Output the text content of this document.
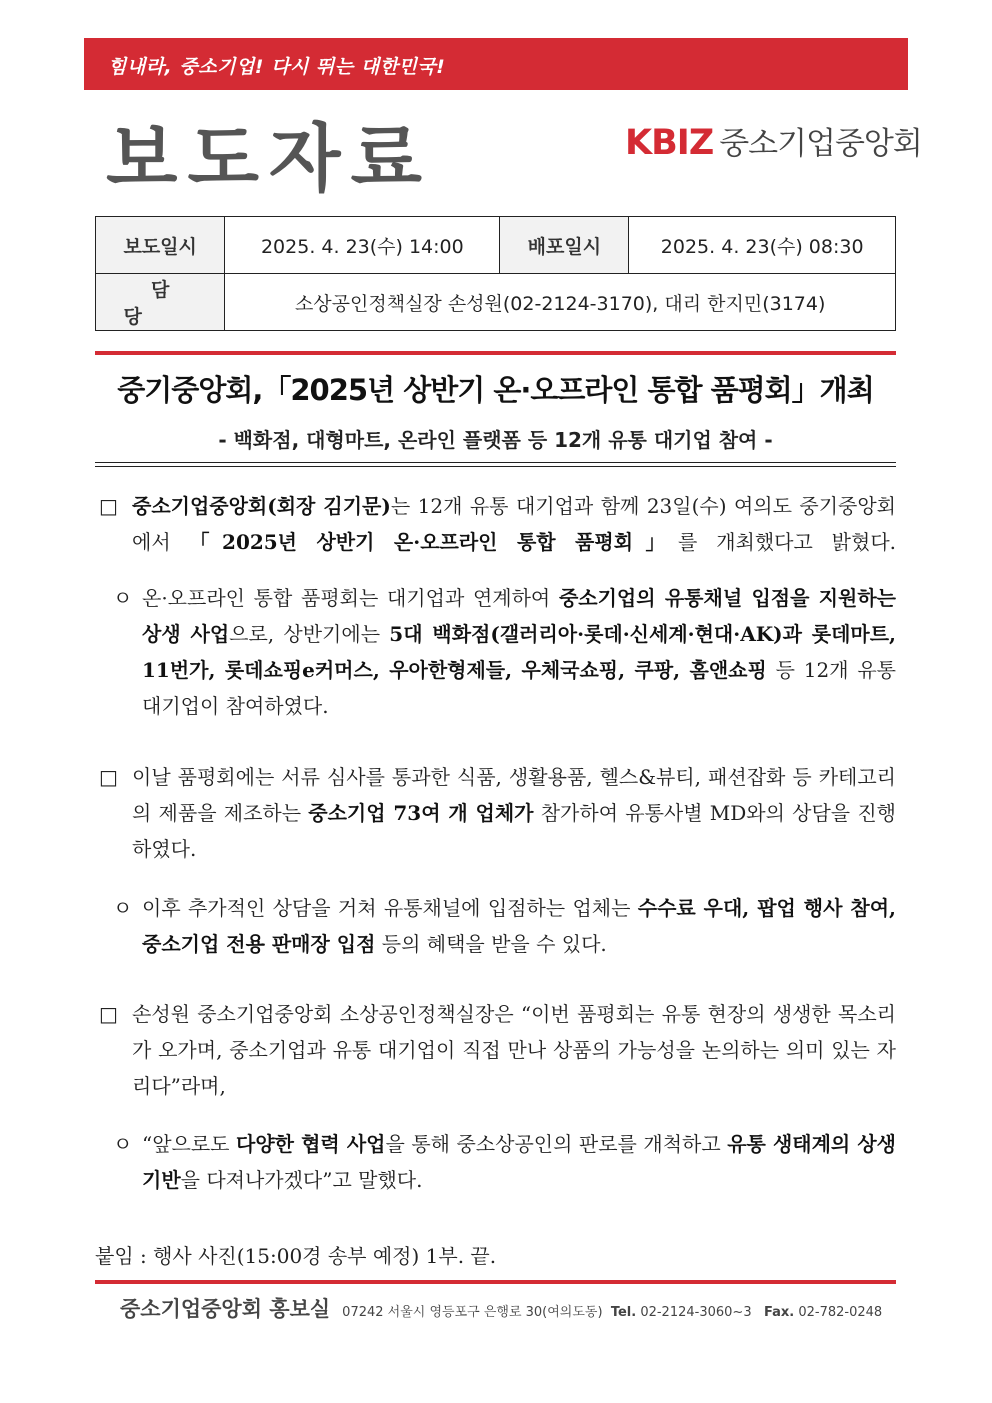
힘내라, 중소기업! 다시 뛰는 대한민국!
보도자료	KBIZ 중소기업중앙회
보도일시	2025. 4. 23(수) 14:00	배포일시	2025. 4. 23(수) 08:30
담당	소상공인정책실장 손성원(02-2124-3170), 대리 한지민(3174)		
중기중앙회,「2025년 상반기 온·오프라인 통합 품평회」개최
- 백화점, 대형마트, 온라인 플랫폼 등 12개 유통 대기업 참여 -
□ 중소기업중앙회(회장 김기문)는 12개 유통 대기업과 함께 23일(수) 여의도 중기중앙회에서 「2025년 상반기 온·오프라인 통합 품평회」를 개최했다고 밝혔다.
ㅇ 온·오프라인 통합 품평회는 대기업과 연계하여 중소기업의 유통채널 입점을 지원하는 상생 사업으로, 상반기에는 5대 백화점(갤러리아·롯데·신세계·현대·AK)과 롯데마트, 11번가, 롯데쇼핑e커머스, 우아한형제들, 우체국쇼핑, 쿠팡, 홈앤쇼핑 등 12개 유통 대기업이 참여하였다.
□ 이날 품평회에는 서류 심사를 통과한 식품, 생활용품, 헬스&뷰티, 패션잡화 등 카테고리의 제품을 제조하는 중소기업 73여 개 업체가 참가하여 유통사별 MD와의 상담을 진행하였다.
ㅇ 이후 추가적인 상담을 거쳐 유통채널에 입점하는 업체는 수수료 우대, 팝업 행사 참여, 중소기업 전용 판매장 입점 등의 혜택을 받을 수 있다.
□ 손성원 중소기업중앙회 소상공인정책실장은 “이번 품평회는 유통 현장의 생생한 목소리가 오가며, 중소기업과 유통 대기업이 직접 만나 상품의 가능성을 논의하는 의미 있는 자리다”라며,
ㅇ “앞으로도 다양한 협력 사업을 통해 중소상공인의 판로를 개척하고 유통 생태계의 상생 기반을 다져나가겠다”고 말했다.
붙임 : 행사 사진(15:00경 송부 예정) 1부. 끝.
중소기업중앙회 홍보실 07242 서울시 영등포구 은행로 30(여의도동) Tel. 02-2124-3060~3 Fax. 02-782-0248
